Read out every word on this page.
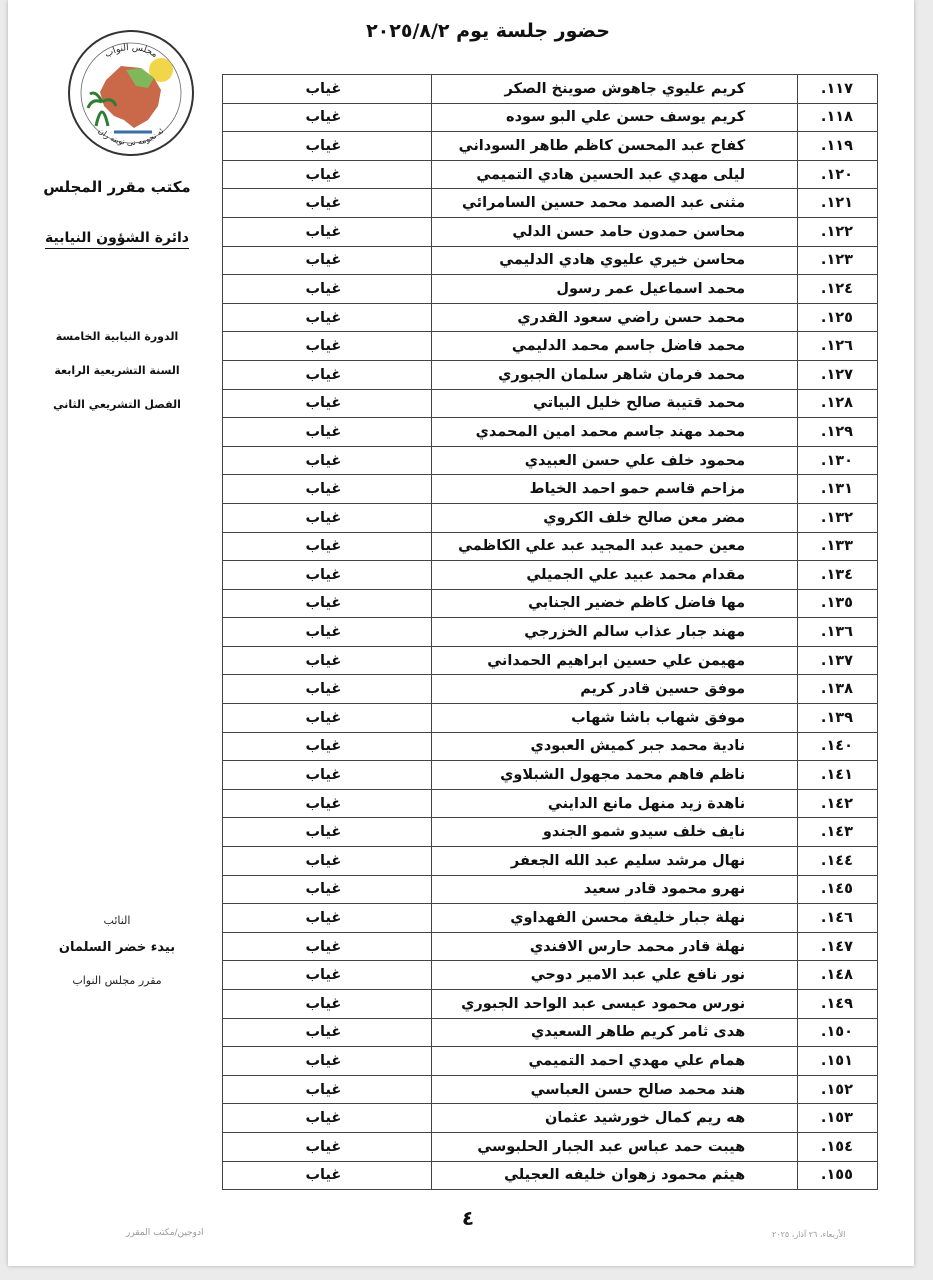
حضور جلسة يوم ٢٠٢٥/٨/٢
مجلس النواب
ئه نجومه نى نوينه ران
مكتب مقرر المجلس
دائرة الشؤون النيابية
الدورة النيابية الخامسة
السنة التشريعية الرابعة
الفصل التشريعي الثاني
النائب
بيدء خضر السلمان
مقرر مجلس النواب
غياب	كريم عليوي جاهوش صوينخ الصكر	١١٧.
غياب	كريم يوسف حسن علي البو سوده	١١٨.
غياب	كفاح عبد المحسن كاظم طاهر السوداني	١١٩.
غياب	ليلى مهدي عبد الحسين هادي التميمي	١٢٠.
غياب	مثنى عبد الصمد محمد حسين السامرائي	١٢١.
غياب	محاسن حمدون حامد حسن الدلي	١٢٢.
غياب	محاسن خيري عليوي هادي الدليمي	١٢٣.
غياب	محمد اسماعيل عمر رسول	١٢٤.
غياب	محمد حسن راضي سعود القدري	١٢٥.
غياب	محمد فاضل جاسم محمد الدليمي	١٢٦.
غياب	محمد فرمان شاهر سلمان الجبوري	١٢٧.
غياب	محمد قتيبة صالح خليل البياتي	١٢٨.
غياب	محمد مهند جاسم محمد امين المحمدي	١٢٩.
غياب	محمود خلف علي حسن العبيدي	١٣٠.
غياب	مزاحم قاسم حمو احمد الخياط	١٣١.
غياب	مضر معن صالح خلف الكروي	١٣٢.
غياب	معين حميد عبد المجيد عبد علي الكاظمي	١٣٣.
غياب	مقدام محمد عبيد علي الجميلي	١٣٤.
غياب	مها فاضل كاظم خضير الجنابي	١٣٥.
غياب	مهند جبار عذاب سالم الخزرجي	١٣٦.
غياب	مهيمن علي حسين ابراهيم الحمداني	١٣٧.
غياب	موفق حسين قادر كريم	١٣٨.
غياب	موفق شهاب باشا شهاب	١٣٩.
غياب	نادية محمد جبر كميش العبودي	١٤٠.
غياب	ناظم فاهم محمد مجهول الشبلاوي	١٤١.
غياب	ناهدة زيد منهل مانع الدايني	١٤٢.
غياب	نايف خلف سيدو شمو الجندو	١٤٣.
غياب	نهال مرشد سليم عبد الله الجعفر	١٤٤.
غياب	نهرو محمود قادر سعيد	١٤٥.
غياب	نهلة جبار خليفة محسن الفهداوي	١٤٦.
غياب	نهلة قادر محمد حارس الافندي	١٤٧.
غياب	نور نافع علي عبد الامير دوحي	١٤٨.
غياب	نورس محمود عيسى عبد الواحد الجبوري	١٤٩.
غياب	هدى ثامر كريم طاهر السعيدي	١٥٠.
غياب	همام علي مهدي احمد التميمي	١٥١.
غياب	هند محمد صالح حسن العباسي	١٥٢.
غياب	هه ريم كمال خورشيد عثمان	١٥٣.
غياب	هيبت حمد عباس عبد الجبار الحلبوسي	١٥٤.
غياب	هيثم محمود زهوان خليفه العجيلي	١٥٥.
٤
ادوجين/مكتب المقرر	الأربعاء، ٢٦ آذار، ٢٠٢٥
